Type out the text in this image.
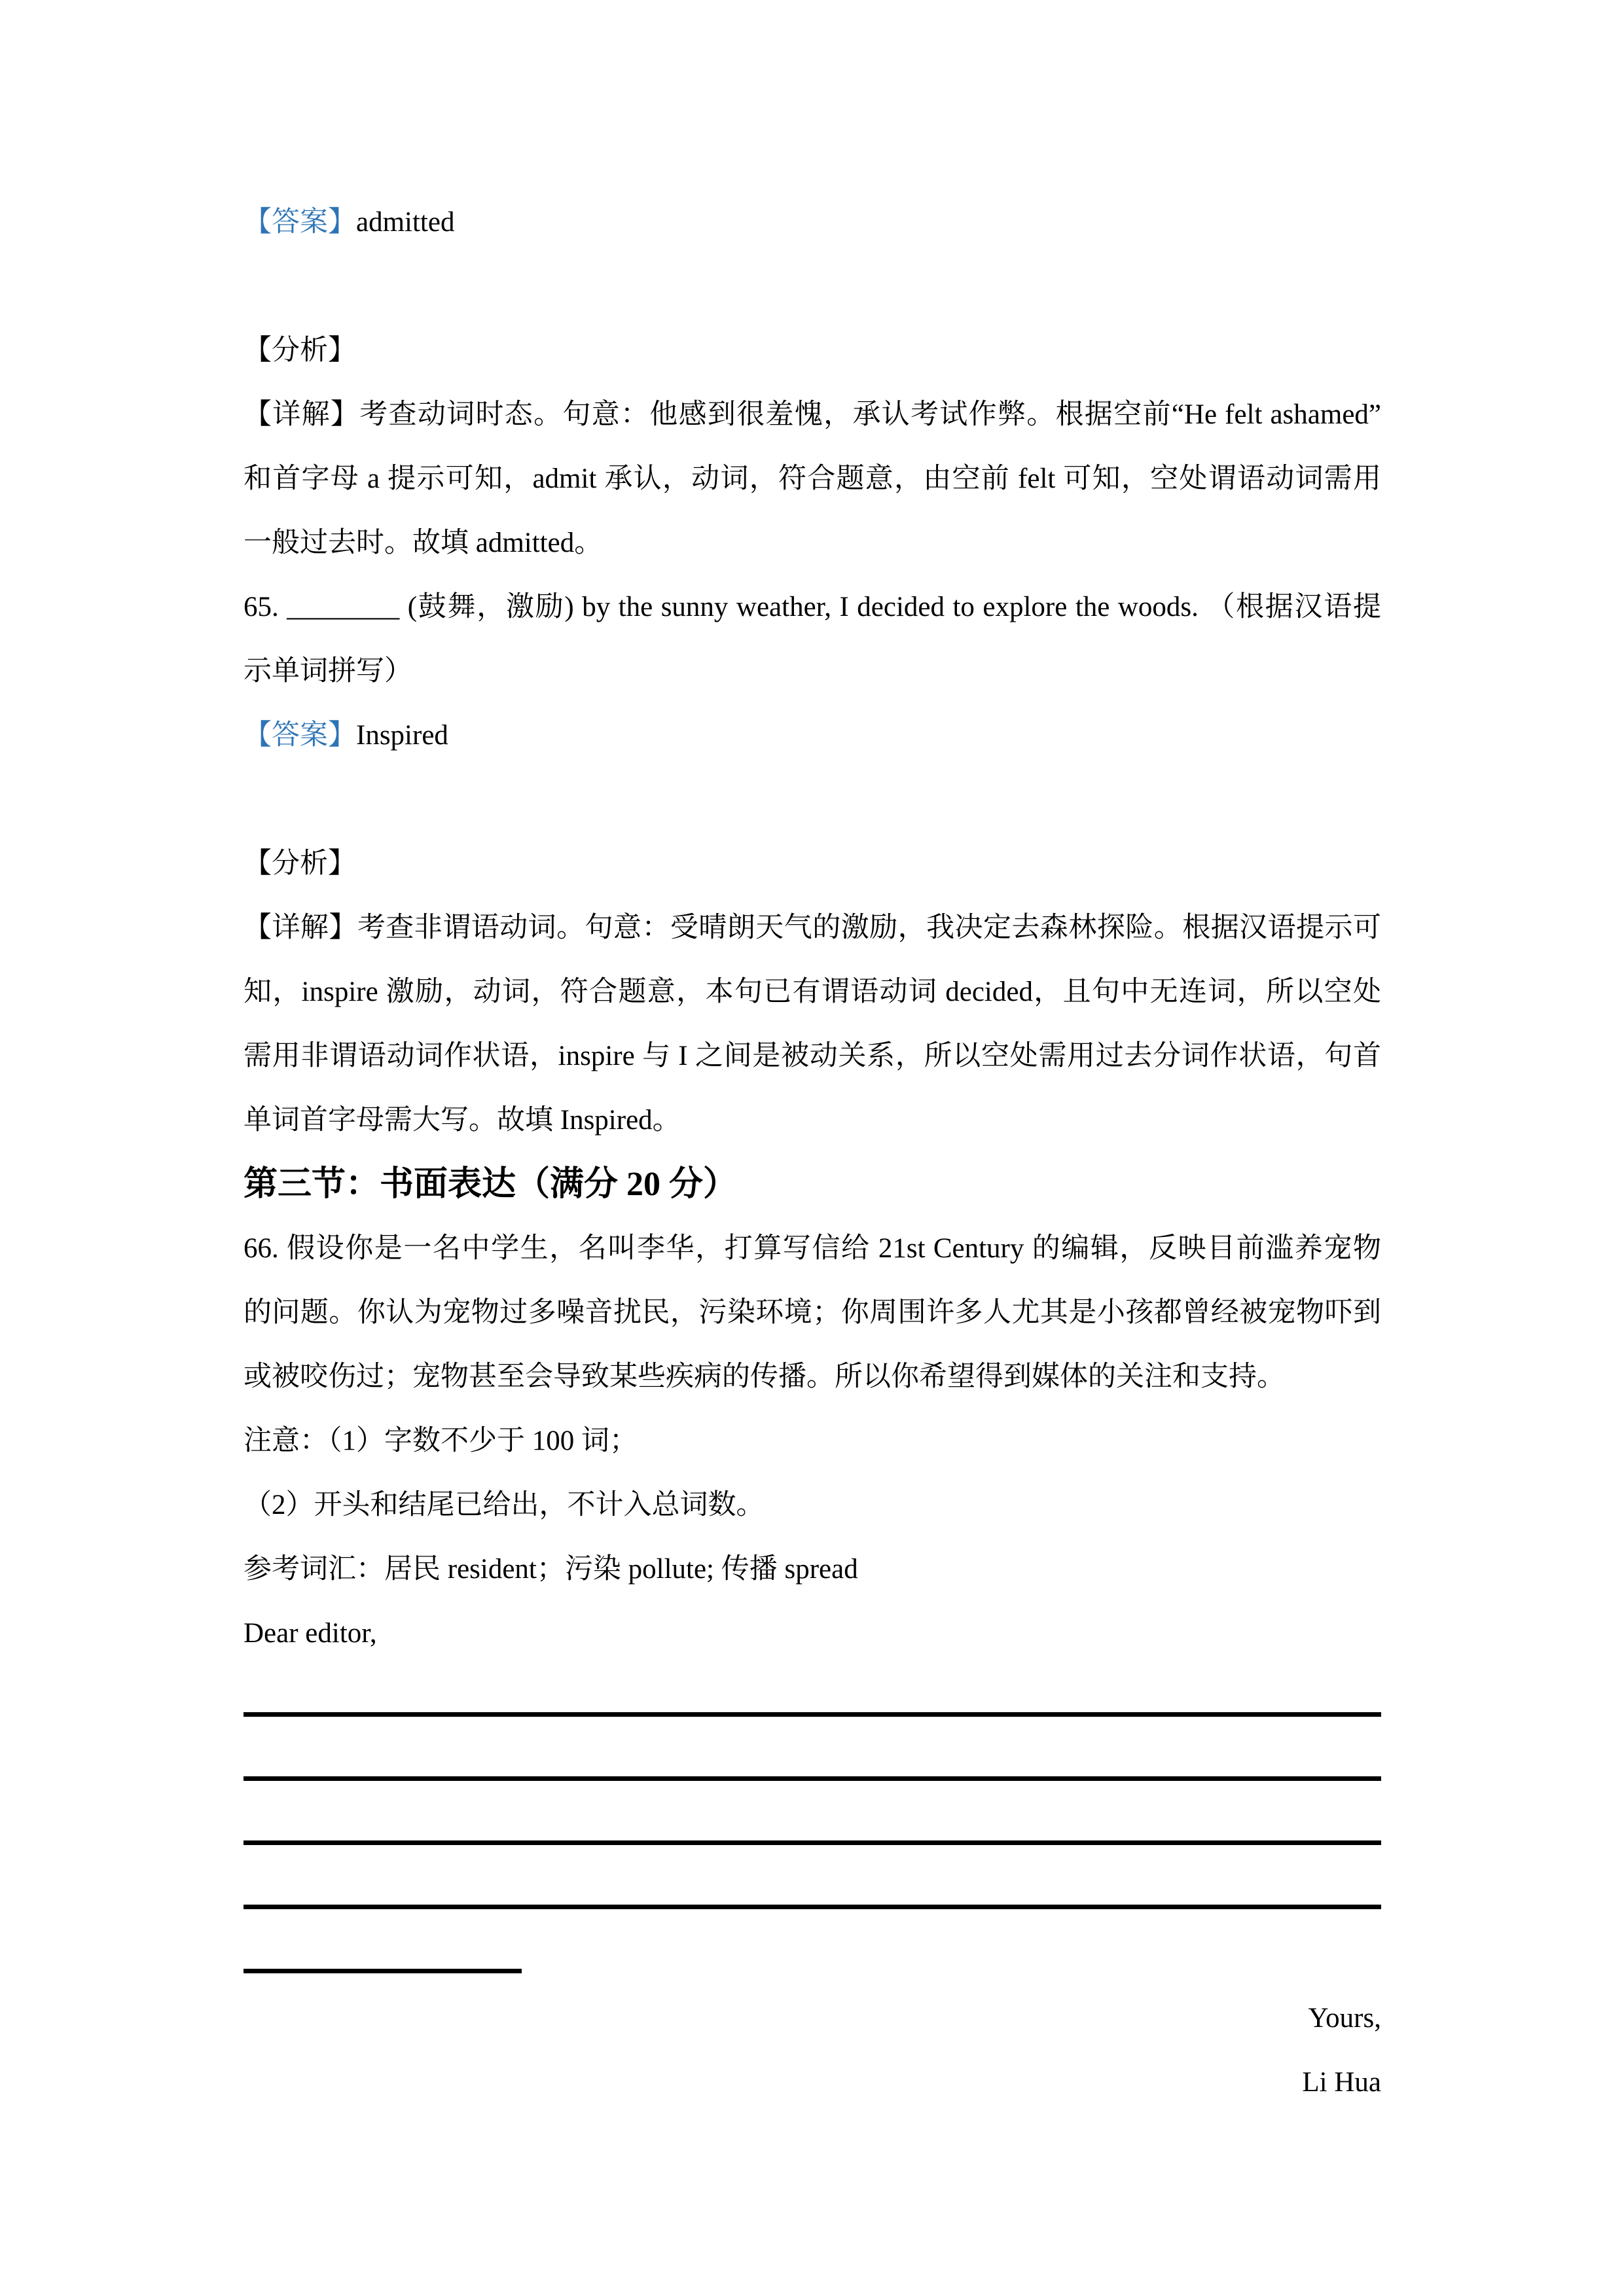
【答案】admitted

【分析】
【详解】考查动词时态。句意：他感到很羞愧，承认考试作弊。根据空前“He felt ashamed”
和首字母 a 提示可知，admit 承认，动词，符合题意，由空前 felt 可知，空处谓语动词需用
一般过去时。故填 admitted。
65. ________ (鼓舞，激励) by the sunny weather, I decided to explore the woods. （根据汉语提
示单词拼写）
【答案】Inspired

【分析】
【详解】考查非谓语动词。句意：受晴朗天气的激励，我决定去森林探险。根据汉语提示可
知，inspire 激励，动词，符合题意，本句已有谓语动词 decided，且句中无连词，所以空处
需用非谓语动词作状语，inspire 与 I 之间是被动关系，所以空处需用过去分词作状语，句首
单词首字母需大写。故填 Inspired。
第三节：书面表达（满分 20 分）
66. 假设你是一名中学生，名叫李华，打算写信给 21st Century 的编辑，反映目前滥养宠物
的问题。你认为宠物过多噪音扰民，污染环境；你周围许多人尤其是小孩都曾经被宠物吓到
或被咬伤过；宠物甚至会导致某些疾病的传播。所以你希望得到媒体的关注和支持。
注意：（1）字数不少于 100 词；
（2）开头和结尾已给出，不计入总词数。
参考词汇：居民 resident；污染 pollute; 传播 spread
Dear editor,
Yours,
Li Hua
